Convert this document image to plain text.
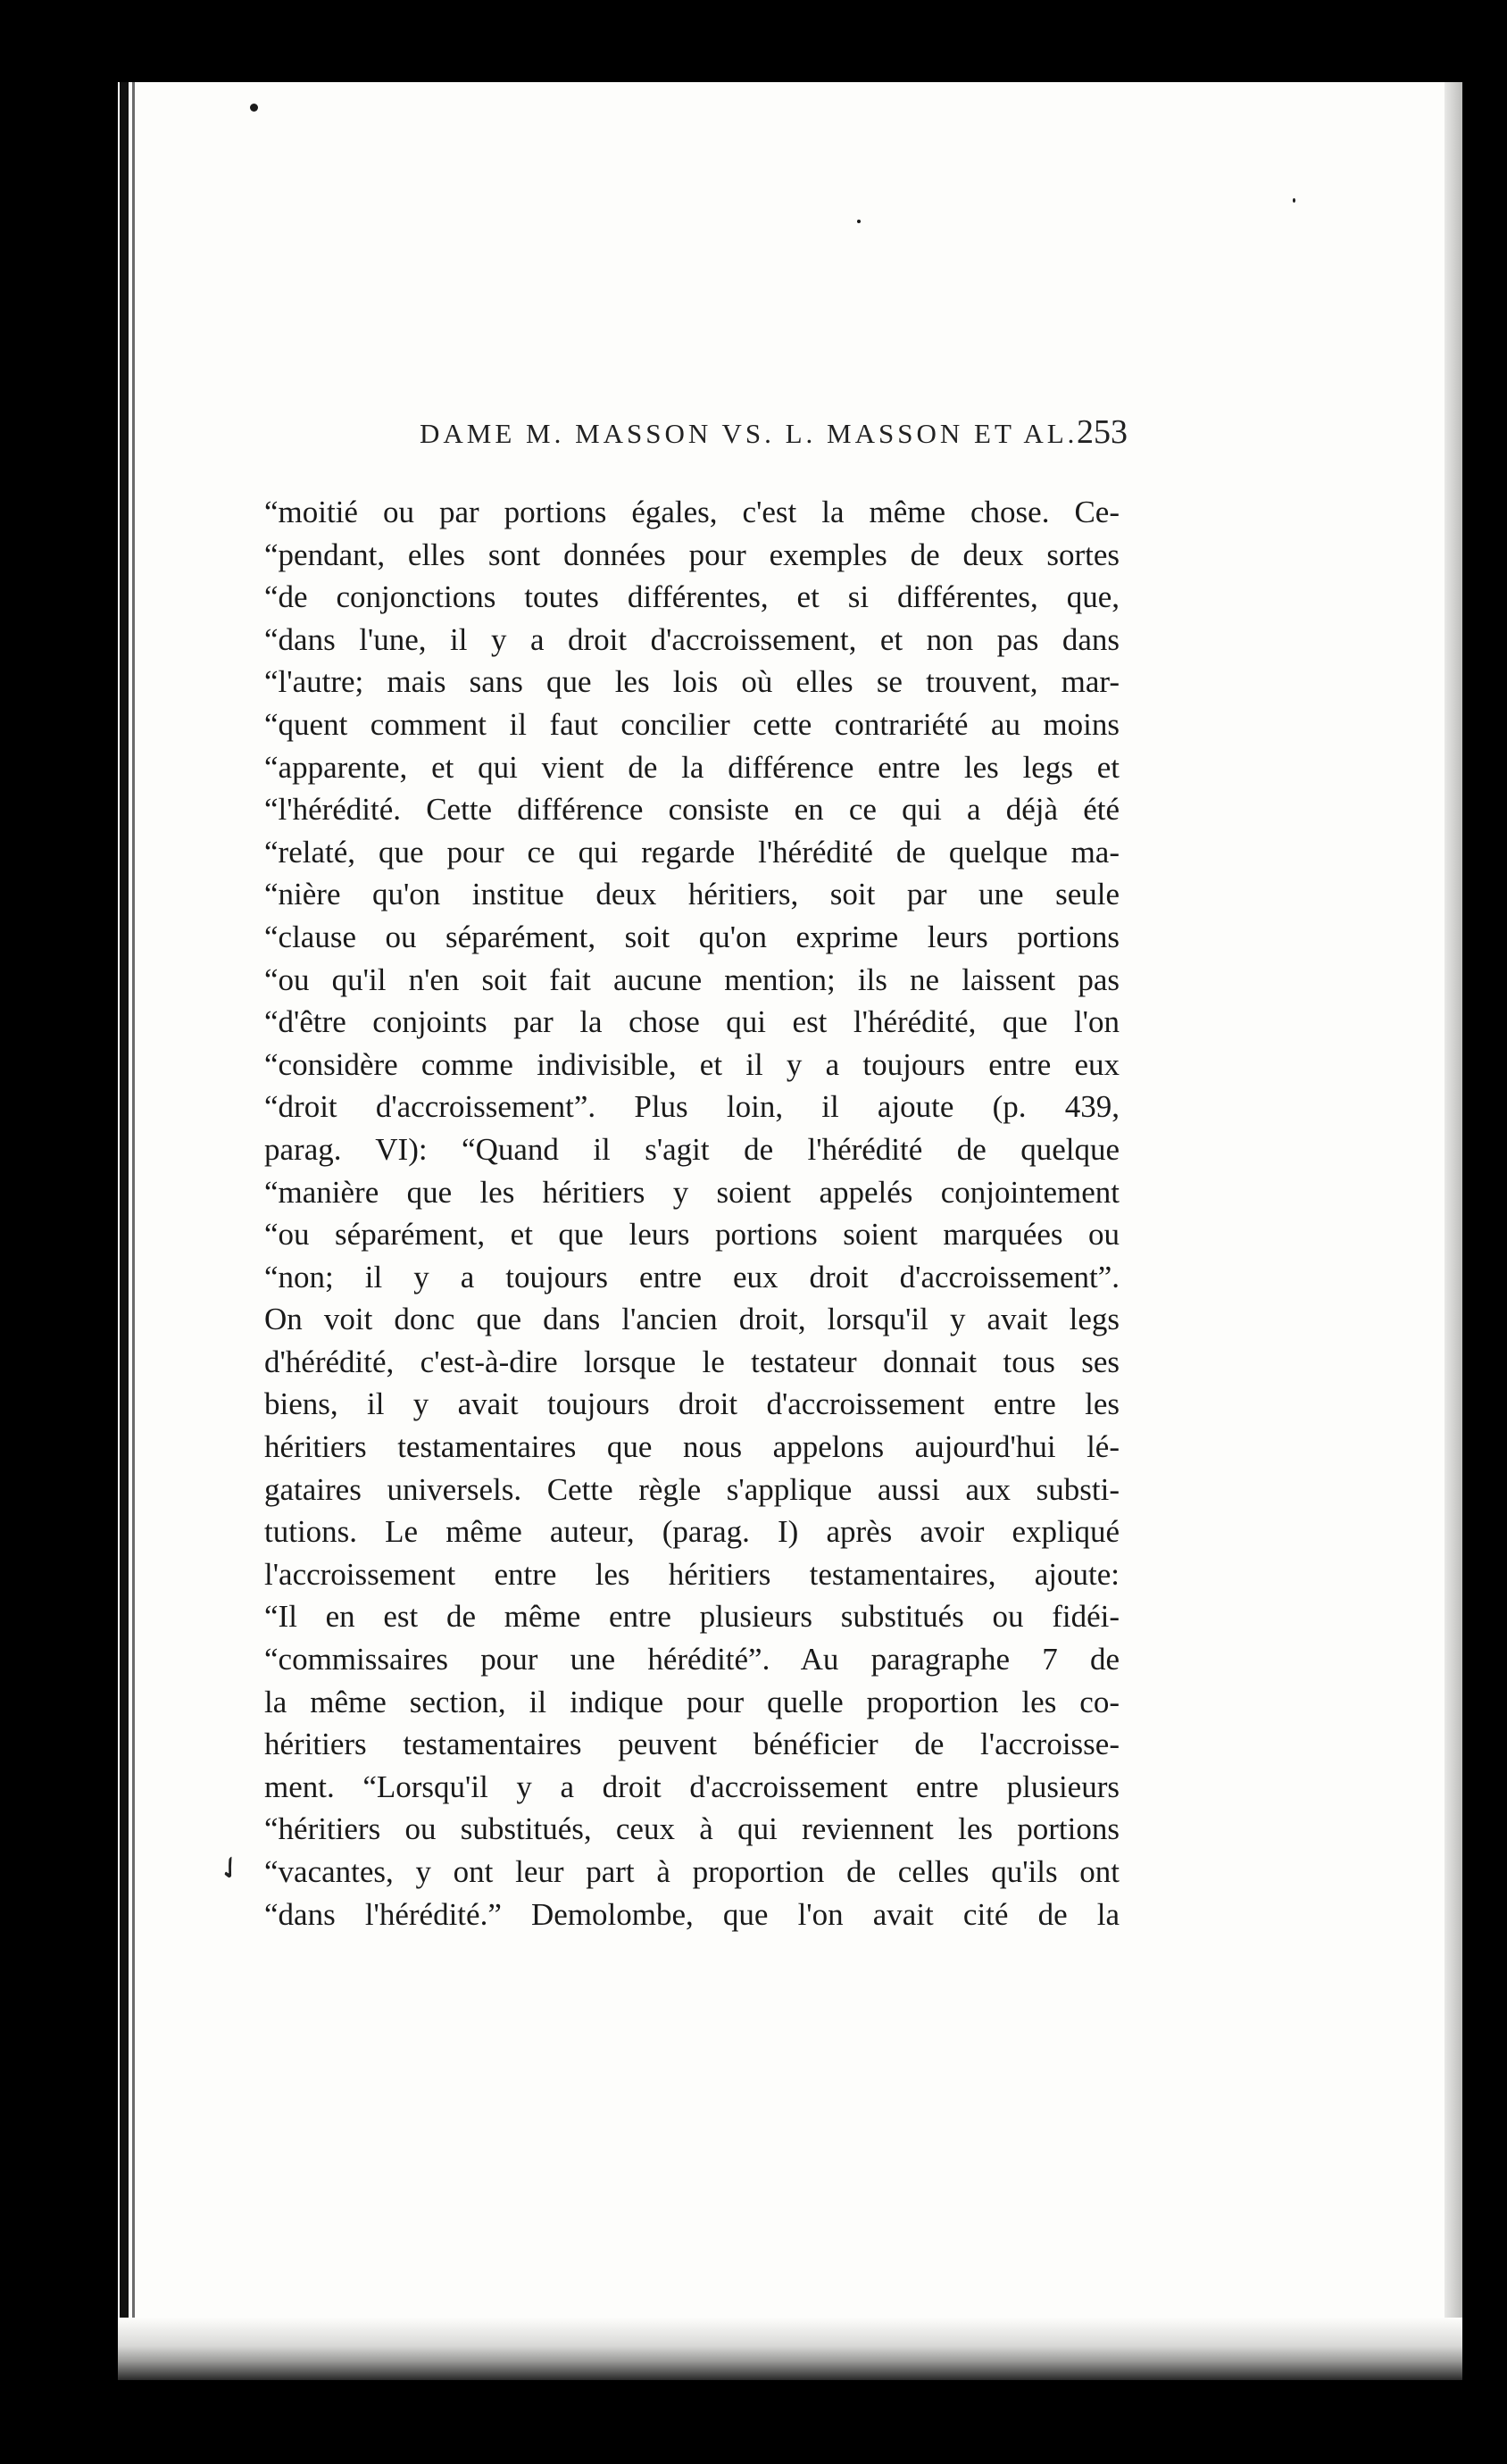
DAME M. MASSON VS. L. MASSON ET AL.
253
✓
“moitié ou par portions égales, c'est la même chose. Ce-
“pendant, elles sont données pour exemples de deux sortes
“de conjonctions toutes différentes, et si différentes, que,
“dans l'une, il y a droit d'accroissement, et non pas dans
“l'autre; mais sans que les lois où elles se trouvent, mar-
“quent comment il faut concilier cette contrariété au moins
“apparente, et qui vient de la différence entre les legs et
“l'hérédité. Cette différence consiste en ce qui a déjà été
“relaté, que pour ce qui regarde l'hérédité de quelque ma-
“nière qu'on institue deux héritiers, soit par une seule
“clause ou séparément, soit qu'on exprime leurs portions
“ou qu'il n'en soit fait aucune mention; ils ne laissent pas
“d'être conjoints par la chose qui est l'hérédité, que l'on
“considère comme indivisible, et il y a toujours entre eux
“droit d'accroissement”. Plus loin, il ajoute (p. 439,
parag. VI): “Quand il s'agit de l'hérédité de quelque
“manière que les héritiers y soient appelés conjointement
“ou séparément, et que leurs portions soient marquées ou
“non; il y a toujours entre eux droit d'accroissement”.
On voit donc que dans l'ancien droit, lorsqu'il y avait legs
d'hérédité, c'est-à-dire lorsque le testateur donnait tous ses
biens, il y avait toujours droit d'accroissement entre les
héritiers testamentaires que nous appelons aujourd'hui lé-
gataires universels. Cette règle s'applique aussi aux substi-
tutions. Le même auteur, (parag. I) après avoir expliqué
l'accroissement entre les héritiers testamentaires, ajoute:
“Il en est de même entre plusieurs substitués ou fidéi-
“commissaires pour une hérédité”. Au paragraphe 7 de
la même section, il indique pour quelle proportion les co-
héritiers testamentaires peuvent bénéficier de l'accroisse-
ment. “Lorsqu'il y a droit d'accroissement entre plusieurs
“héritiers ou substitués, ceux à qui reviennent les portions
“vacantes, y ont leur part à proportion de celles qu'ils ont
“dans l'hérédité.” Demolombe, que l'on avait cité de la
